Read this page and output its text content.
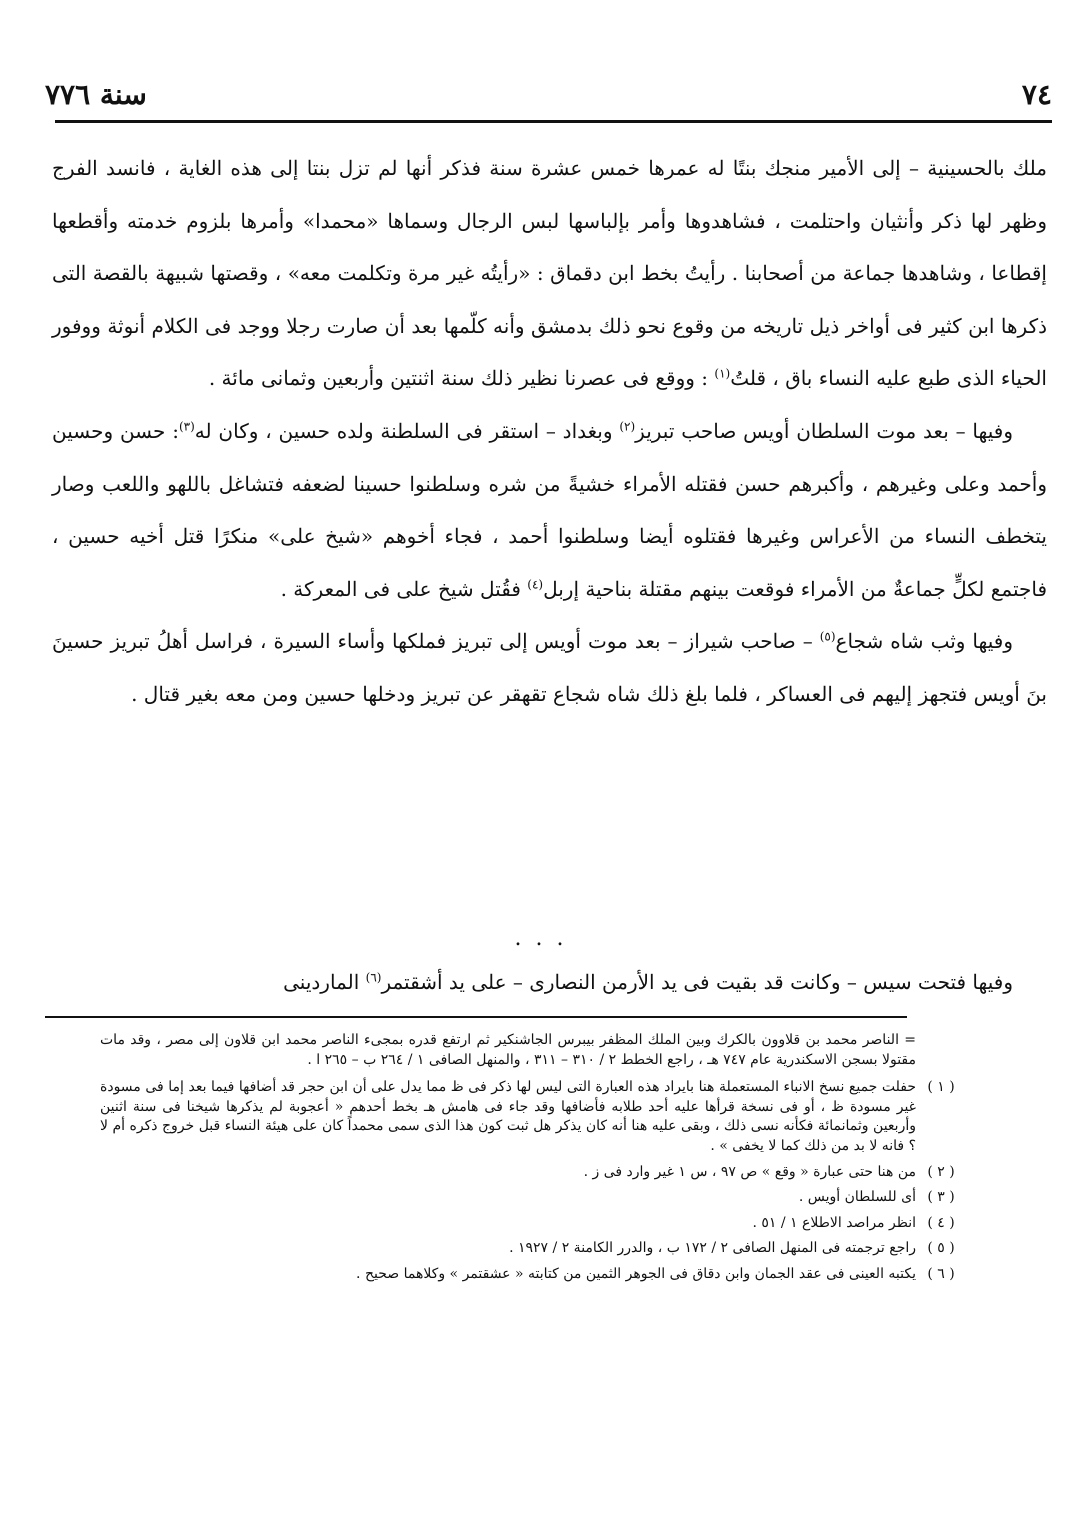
٧٤
سنة ٧٧٦

ملك بالحسينية – إلى الأمير منجك بنتًا له عمرها خمس عشرة سنة فذكر أنها لم تزل بنتا إلى هذه الغاية ، فانسد الفرج وظهر لها ذكر وأنثيان واحتلمت ، فشاهدوها وأمر بإلباسها لبس الرجال وسماها «محمدا» وأمرها بلزوم خدمته وأقطعها إقطاعا ، وشاهدها جماعة من أصحابنا . رأيتُ بخط ابن دقماق : «رأيتُه غير مرة وتكلمت معه» ، وقصتها شبيهة بالقصة التى ذكرها ابن كثير فى أواخر ذيل تاريخه من وقوع نحو ذلك بدمشق وأنه كلّمها بعد أن صارت رجلا ووجد فى الكلام أنوثة ووفور الحياء الذى طبع عليه النساء باق ، قلتُ$^{(١)}$ : ووقع فى عصرنا نظير ذلك سنة اثنتين وأربعين وثمانى مائة .

وفيها – بعد موت السلطان أويس صاحب تبريز$^{(٢)}$ وبغداد – استقر فى السلطنة ولده حسين ، وكان له$^{(٣)}$: حسن وحسين وأحمد وعلى وغيرهم ، وأكبرهم حسن فقتله الأمراء خشيةً من شره وسلطنوا حسينا لضعفه فتشاغل باللهو واللعب وصار يتخطف النساء من الأعراس وغيرها فقتلوه أيضا وسلطنوا أحمد ، فجاء أخوهم «شيخ على» منكرًا قتل أخيه حسين ، فاجتمع لكلٍّ جماعةٌ من الأمراء فوقعت بينهم مقتلة بناحية إربل$^{(٤)}$ فقُتل شيخ على فى المعركة .

وفيها وثب شاه شجاع$^{(٥)}$ – صاحب شيراز – بعد موت أويس إلى تبريز فملكها وأساء السيرة ، فراسل أهلُ تبريز حسينَ بنَ أويس فتجهز إليهم فى العساكر ، فلما بلغ ذلك شاه شجاع تقهقر عن تبريز ودخلها حسين ومن معه بغير قتال .

...
وفيها فتحت سيس – وكانت قد بقيت فى يد الأرمن النصارى – على يد أشقتمر$^{(٦)}$ الماردينى

= الناصر محمد بن قلاوون بالكرك وبين الملك المظفر بيبرس الجاشنكير ثم ارتفع قدره بمجىء الناصر محمد ابن قلاون إلى مصر ، وقد مات مقتولا بسجن الاسكندرية عام ٧٤٧ هـ ، راجع الخطط ٢ / ٣١٠ – ٣١١ ، والمنهل الصافى ١ / ٢٦٤ ب – ٢٦٥ ا .

( ١ )
حفلت جميع نسخ الانباء المستعملة هنا بايراد هذه العبارة التى ليس لها ذكر فى ظ مما يدل على أن ابن حجر قد أضافها فيما بعد إما فى مسودة غير مسودة ظ ، أو فى نسخة قرأها عليه أحد طلابه فأضافها وقد جاء فى هامش هـ بخط أحدهم « أعجوبة لم يذكرها شيخنا فى سنة اثنين وأربعين وثمانمائة فكأنه نسى ذلك ، وبقى عليه هنا أنه كان يذكر هل ثبت كون هذا الذى سمى محمداً كان على هيئة النساء قبل خروج ذكره أم لا ؟ فانه لا بد من ذلك كما لا يخفى » .
( ٢ )
من هنا حتى عبارة « وقع » ص ٩٧ ، س ١ غير وارد فى ز .
( ٣ )
أى للسلطان أويس .
( ٤ )
انظر مراصد الاطلاع ١ / ٥١ .
( ٥ )
راجع ترجمته فى المنهل الصافى ٢ / ١٧٢ ب ، والدرر الكامنة ٢ / ١٩٢٧ .
( ٦ )
يكتبه العينى فى عقد الجمان وابن دقاق فى الجوهر الثمين من كتابته « عشقتمر » وكلاهما صحيح .
